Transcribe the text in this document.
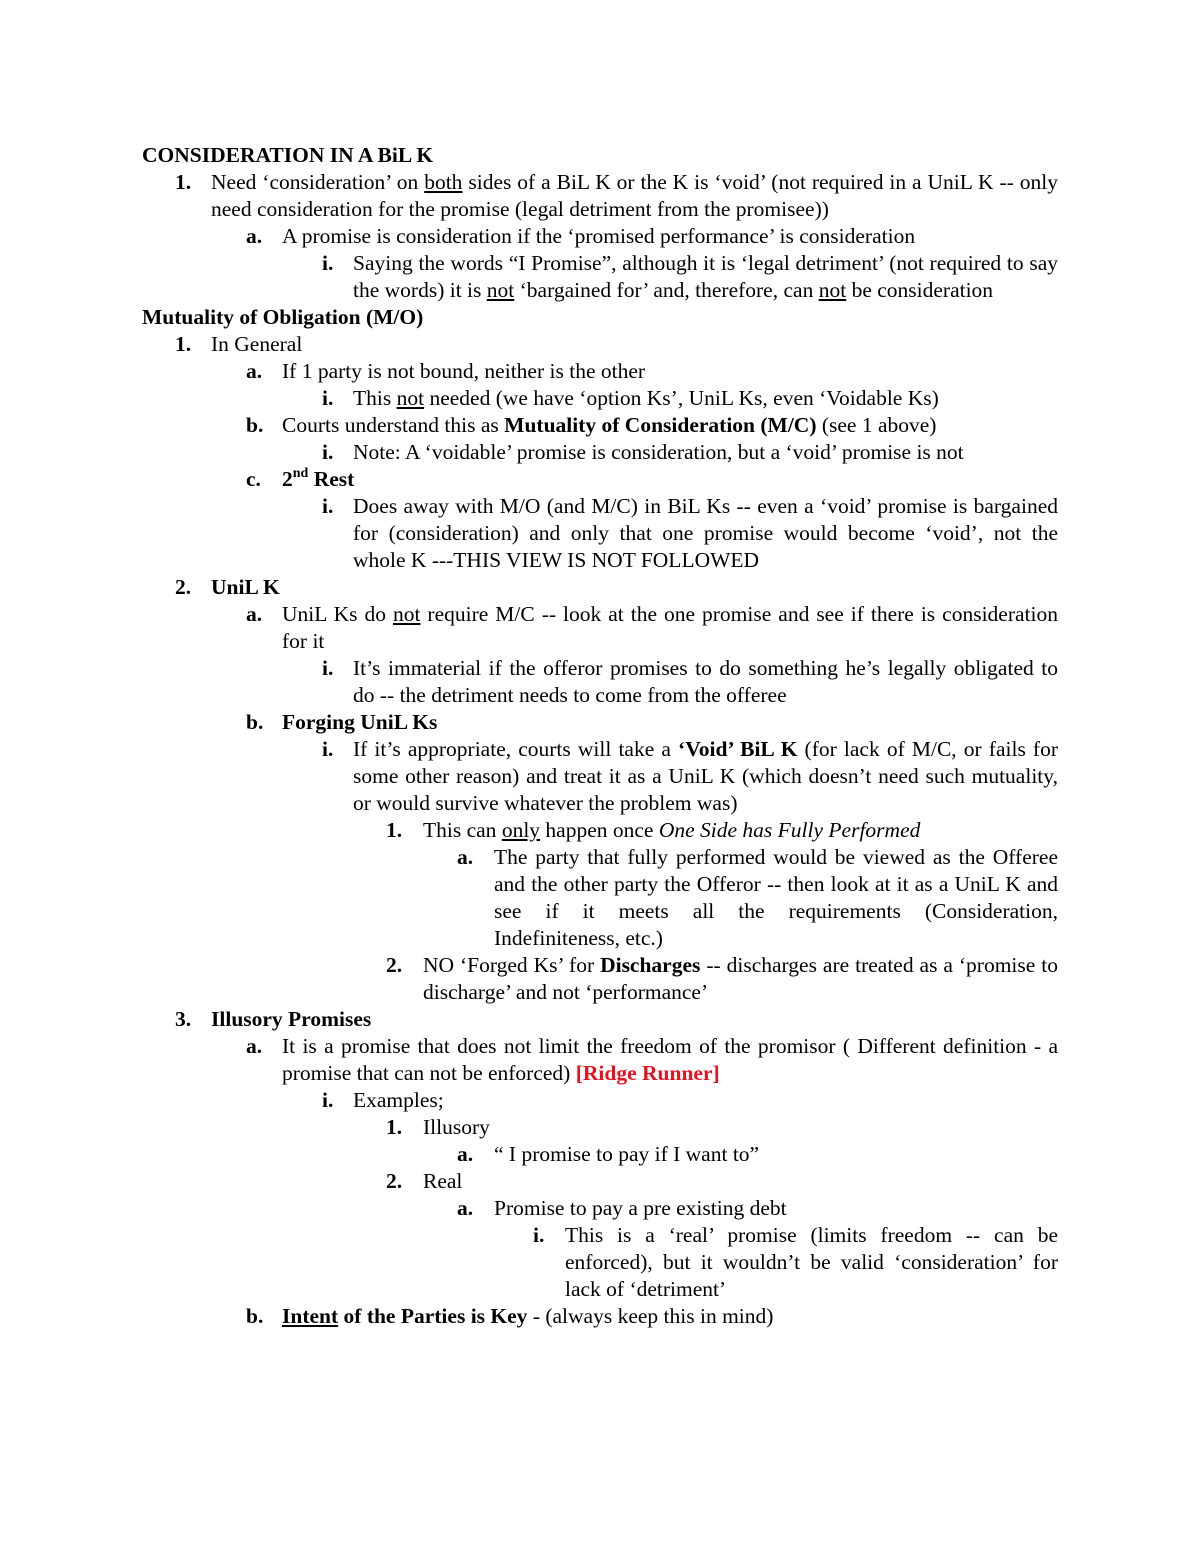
CONSIDERATION IN A BiL K
1. Need ‘consideration’ on both sides of a BiL K or the K is ‘void’ (not required in a UniL K -- only need consideration for the promise (legal detriment from the promisee))
a. A promise is consideration if the ‘promised performance’ is consideration
i. Saying the words “I Promise”, although it is ‘legal detriment’ (not required to say the words) it is not ‘bargained for’ and, therefore, can not be consideration
Mutuality of Obligation (M/O)
1. In General
a. If 1 party is not bound, neither is the other
i. This not needed (we have ‘option Ks’, UniL Ks, even ‘Voidable Ks)
b. Courts understand this as Mutuality of Consideration (M/C) (see 1 above)
i. Note: A ‘voidable’ promise is consideration, but a ‘void’ promise is not
c. 2nd Rest
i. Does away with M/O (and M/C) in BiL Ks -- even a ‘void’ promise is bargained for (consideration) and only that one promise would become ‘void’, not the whole K ---THIS VIEW IS NOT FOLLOWED
2. UniL K
a. UniL Ks do not require M/C -- look at the one promise and see if there is consideration for it
i. It’s immaterial if the offeror promises to do something he’s legally obligated to do -- the detriment needs to come from the offeree
b. Forging UniL Ks
i. If it’s appropriate, courts will take a ‘Void’ BiL K (for lack of M/C, or fails for some other reason) and treat it as a UniL K (which doesn’t need such mutuality, or would survive whatever the problem was)
1. This can only happen once One Side has Fully Performed
a. The party that fully performed would be viewed as the Offeree and the other party the Offeror -- then look at it as a UniL K and see if it meets all the requirements (Consideration, Indefiniteness, etc.)
2. NO ‘Forged Ks’ for Discharges -- discharges are treated as a ‘promise to discharge’ and not ‘performance’
3. Illusory Promises
a. It is a promise that does not limit the freedom of the promisor ( Different definition - a promise that can not be enforced) [Ridge Runner]
i. Examples;
1. Illusory
a. “ I promise to pay if I want to”
2. Real
a. Promise to pay a pre existing debt
i. This is a ‘real’ promise (limits freedom -- can be enforced), but it wouldn’t be valid ‘consideration’ for lack of ‘detriment’
b. Intent of the Parties is Key - (always keep this in mind)
